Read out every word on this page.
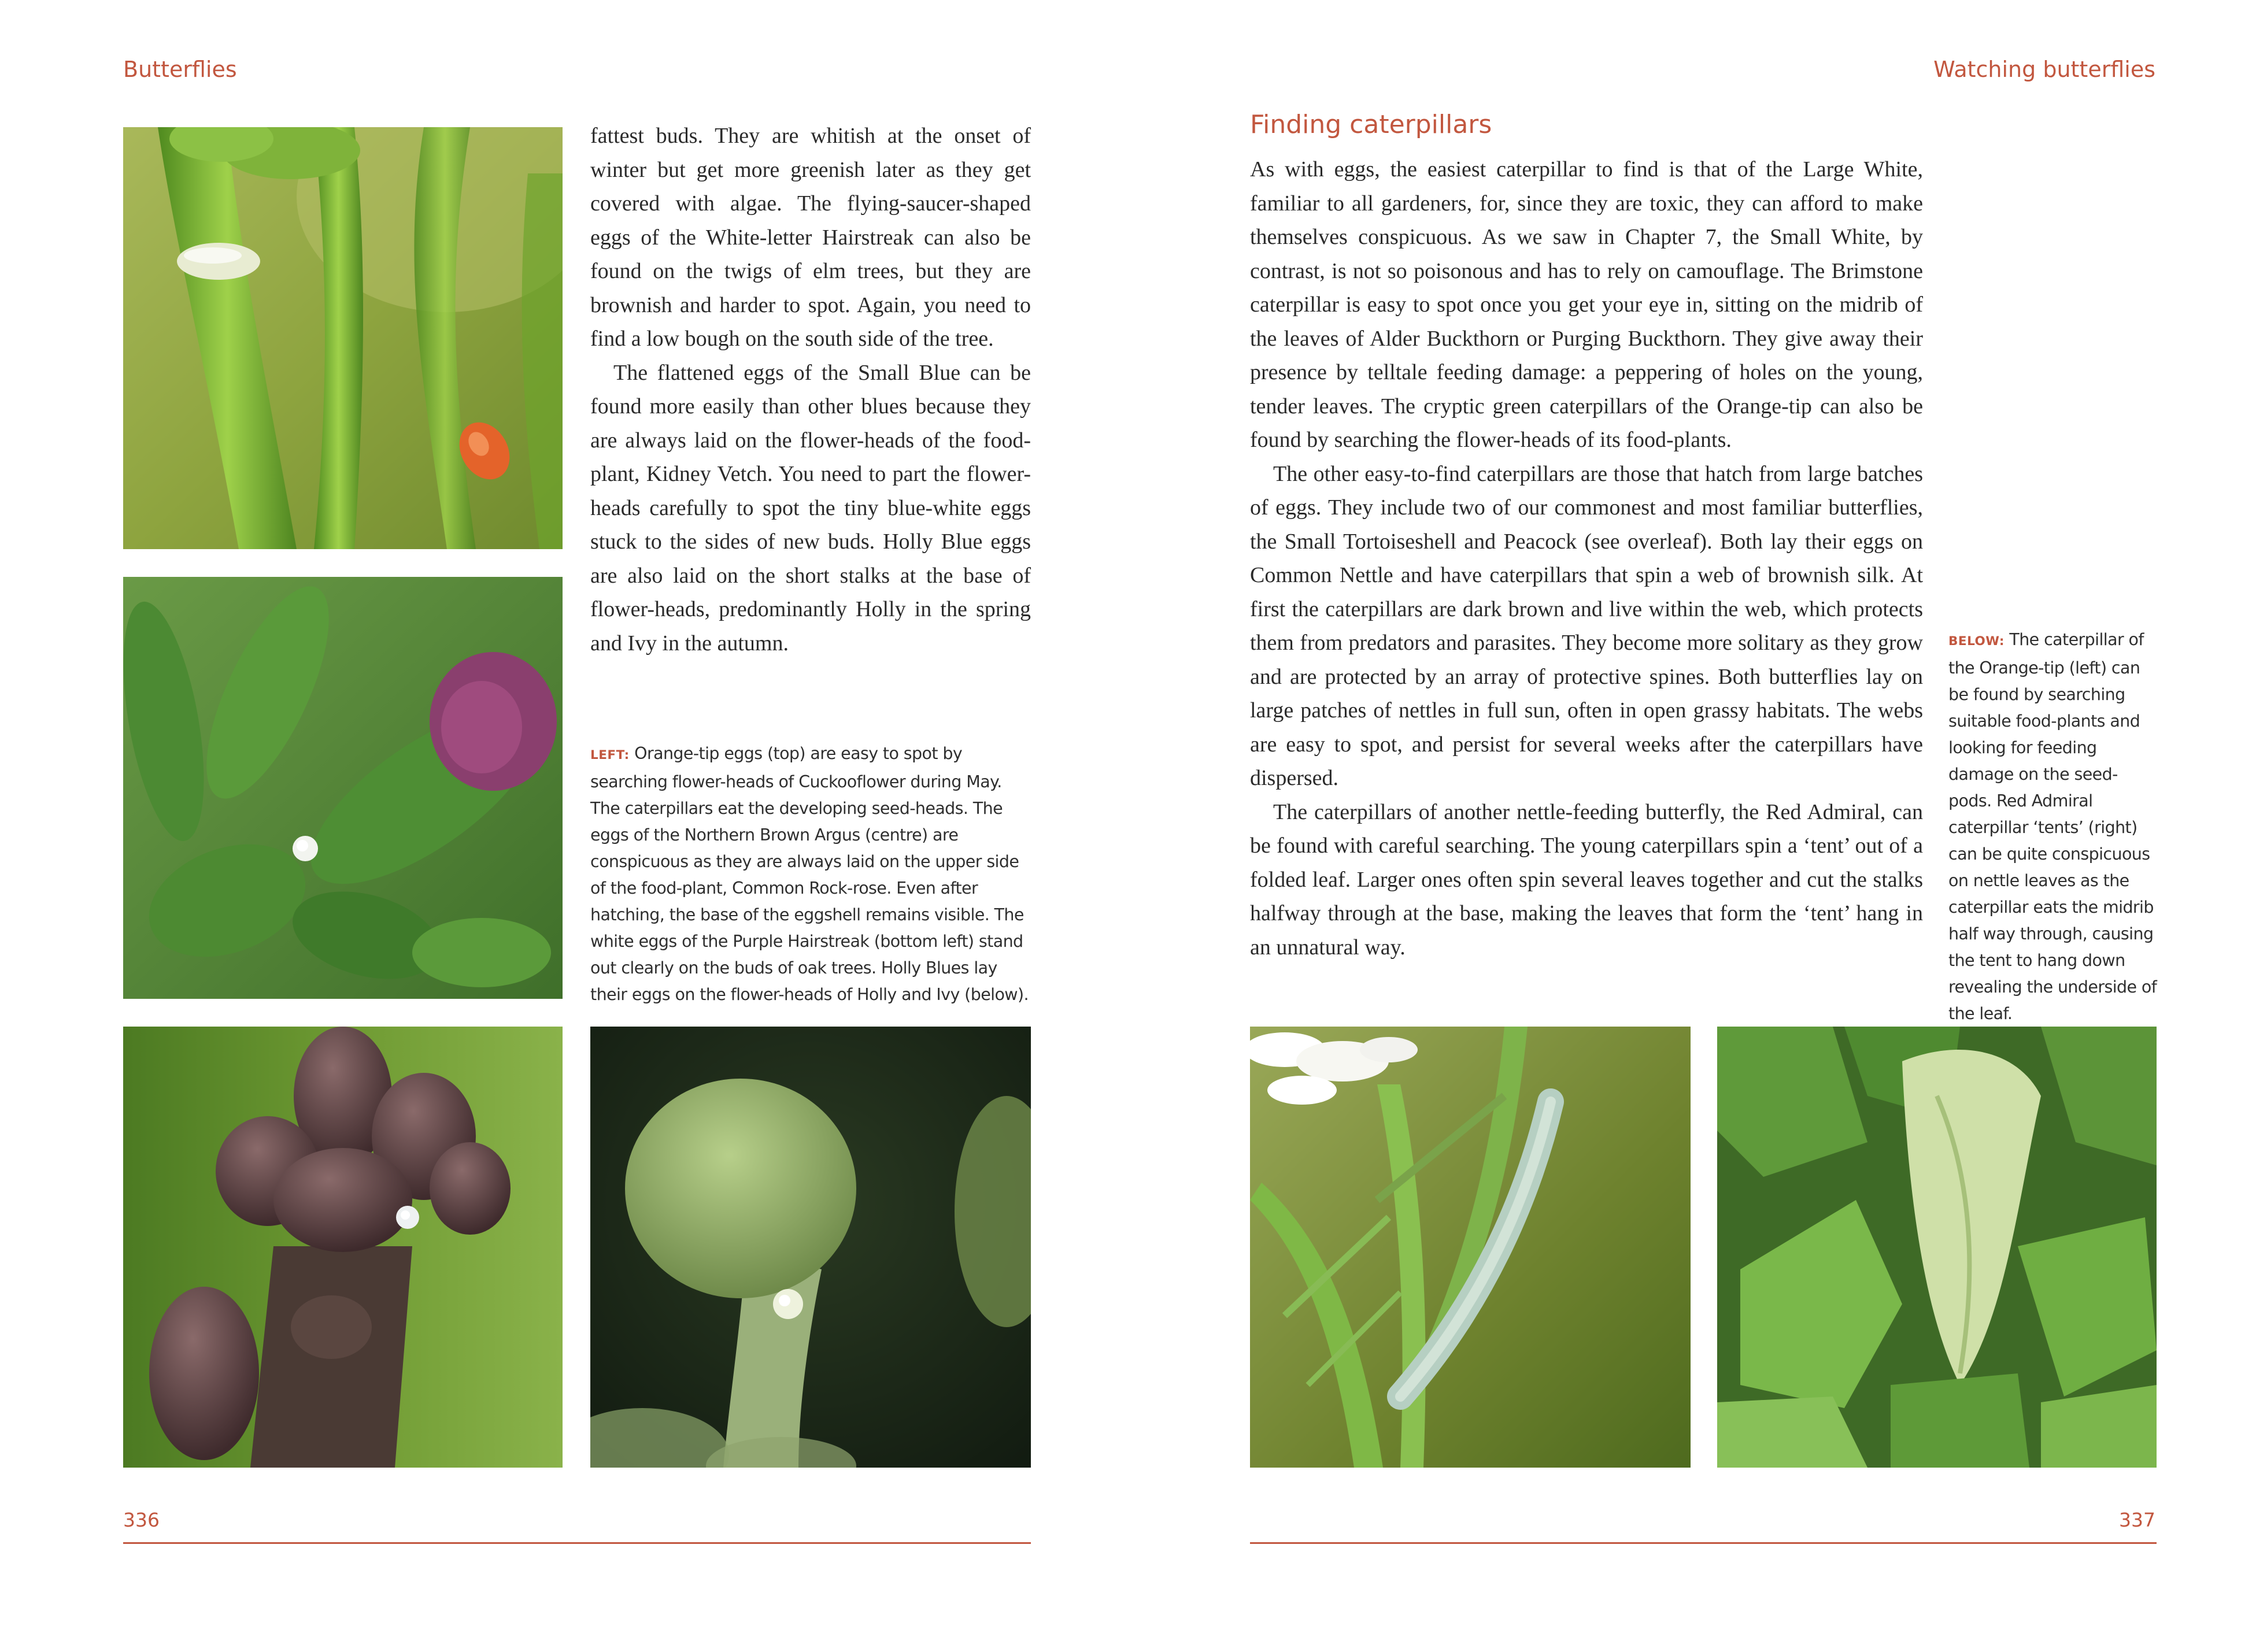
Butterflies

fattest buds. They are whitish at the onset of winter but get more greenish later as they get covered with algae. The flying-saucer-shaped eggs of the White-letter Hairstreak can also be found on the twigs of elm trees, but they are brownish and harder to spot. Again, you need to find a low bough on the south side of the tree.

The flattened eggs of the Small Blue can be found more easily than other blues because they are always laid on the flower-heads of the food-plant, Kidney Vetch. You need to part the flower-heads carefully to spot the tiny blue-white eggs stuck to the sides of new buds. Holly Blue eggs are also laid on the short stalks at the base of flower-heads, predominantly Holly in the spring and Ivy in the autumn.

LEFT: Orange-tip eggs (top) are easy to spot by searching flower-heads of Cuckooflower during May. The caterpillars eat the developing seed-heads. The eggs of the Northern Brown Argus (centre) are conspicuous as they are always laid on the upper side of the food-plant, Common Rock-rose. Even after hatching, the base of the eggshell remains visible. The white eggs of the Purple Hairstreak (bottom left) stand out clearly on the buds of oak trees. Holly Blues lay their eggs on the flower-heads of Holly and Ivy (below).
336
Watching butterflies
Finding caterpillars

As with eggs, the easiest caterpillar to find is that of the Large White, familiar to all gardeners, for, since they are toxic, they can afford to make themselves conspicuous. As we saw in Chapter 7, the Small White, by contrast, is not so poisonous and has to rely on camouflage. The Brimstone caterpillar is easy to spot once you get your eye in, sitting on the midrib of the leaves of Alder Buckthorn or Purging Buckthorn. They give away their presence by telltale feeding damage: a peppering of holes on the young, tender leaves. The cryptic green caterpillars of the Orange-tip can also be found by searching the flower-heads of its food-plants.

The other easy-to-find caterpillars are those that hatch from large batches of eggs. They include two of our commonest and most familiar butterflies, the Small Tortoiseshell and Peacock (see overleaf). Both lay their eggs on Common Nettle and have caterpillars that spin a web of brownish silk. At first the caterpillars are dark brown and live within the web, which protects them from predators and parasites. They become more solitary as they grow and are protected by an array of protective spines. Both butterflies lay on large patches of nettles in full sun, often in open grassy habitats. The webs are easy to spot, and persist for several weeks after the caterpillars have dispersed.

The caterpillars of another nettle-feeding butterfly, the Red Admiral, can be found with careful searching. The young caterpillars spin a ‘tent’ out of a folded leaf. Larger ones often spin several leaves together and cut the stalks halfway through at the base, making the leaves that form the ‘tent’ hang in an unnatural way.

BELOW: The caterpillar of the Orange-tip (left) can be found by searching suitable food-plants and looking for feeding damage on the seed-pods. Red Admiral caterpillar ‘tents’ (right) can be quite conspicuous on nettle leaves as the caterpillar eats the midrib half way through, causing the tent to hang down revealing the underside of the leaf.
337
